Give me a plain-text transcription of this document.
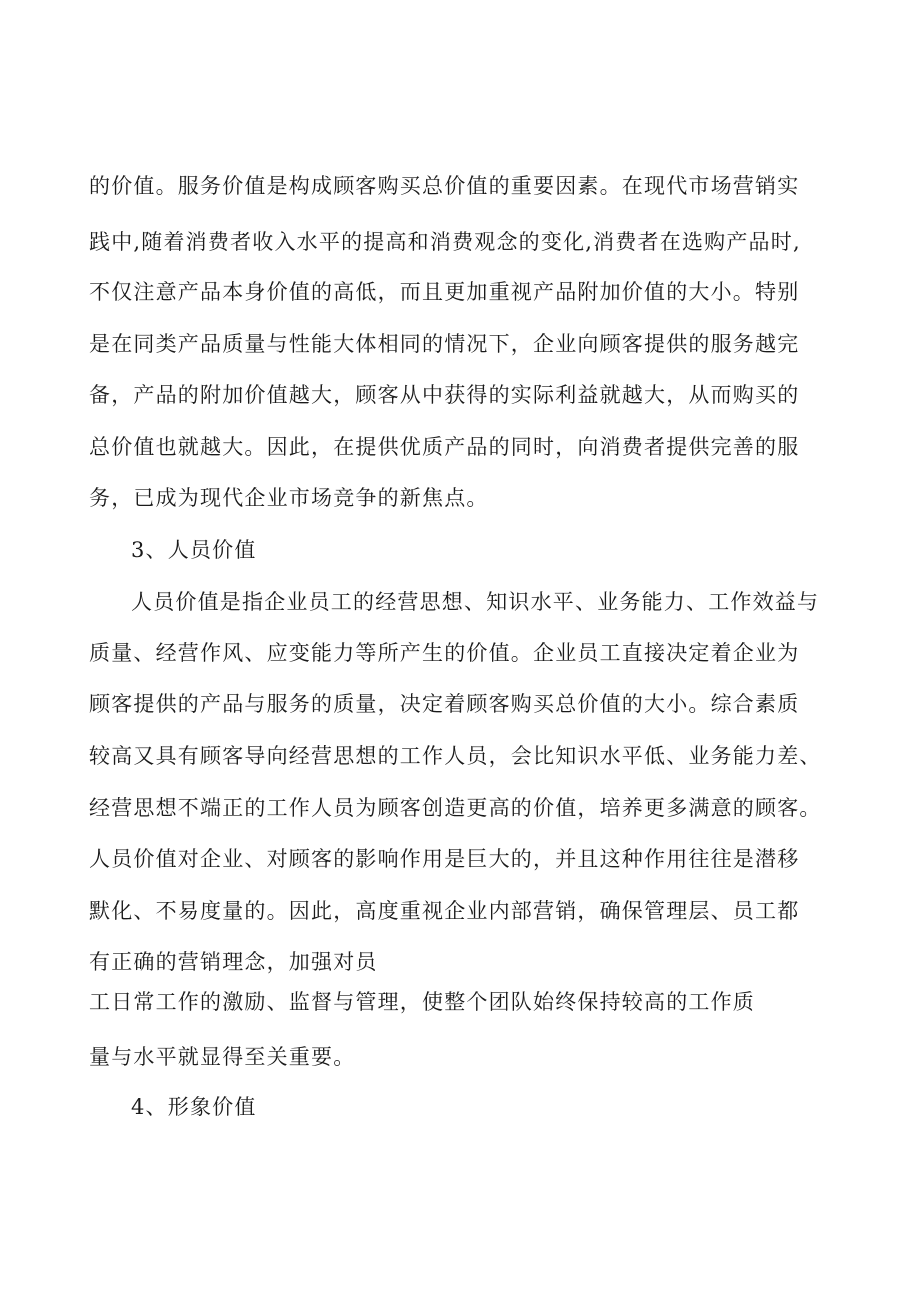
的价值。服务价值是构成顾客购买总价值的重要因素。在现代市场营销实
践中,随着消费者收入水平的提高和消费观念的变化,消费者在选购产品时,
不仅注意产品本身价值的高低，而且更加重视产品附加价值的大小。特别
是在同类产品质量与性能大体相同的情况下，企业向顾客提供的服务越完
备，产品的附加价值越大，顾客从中获得的实际利益就越大，从而购买的
总价值也就越大。因此，在提供优质产品的同时，向消费者提供完善的服
务，已成为现代企业市场竞争的新焦点。
3、人员价值
人员价值是指企业员工的经营思想、知识水平、业务能力、工作效益与
质量、经营作风、应变能力等所产生的价值。企业员工直接决定着企业为
顾客提供的产品与服务的质量，决定着顾客购买总价值的大小。综合素质
较高又具有顾客导向经营思想的工作人员，会比知识水平低、业务能力差、
经营思想不端正的工作人员为顾客创造更高的价值，培养更多满意的顾客。
人员价值对企业、对顾客的影响作用是巨大的，并且这种作用往往是潜移
默化、不易度量的。因此，高度重视企业内部营销，确保管理层、员工都
有正确的营销理念，加强对员
工日常工作的激励、监督与管理，使整个团队始终保持较高的工作质
量与水平就显得至关重要。
4、形象价值
